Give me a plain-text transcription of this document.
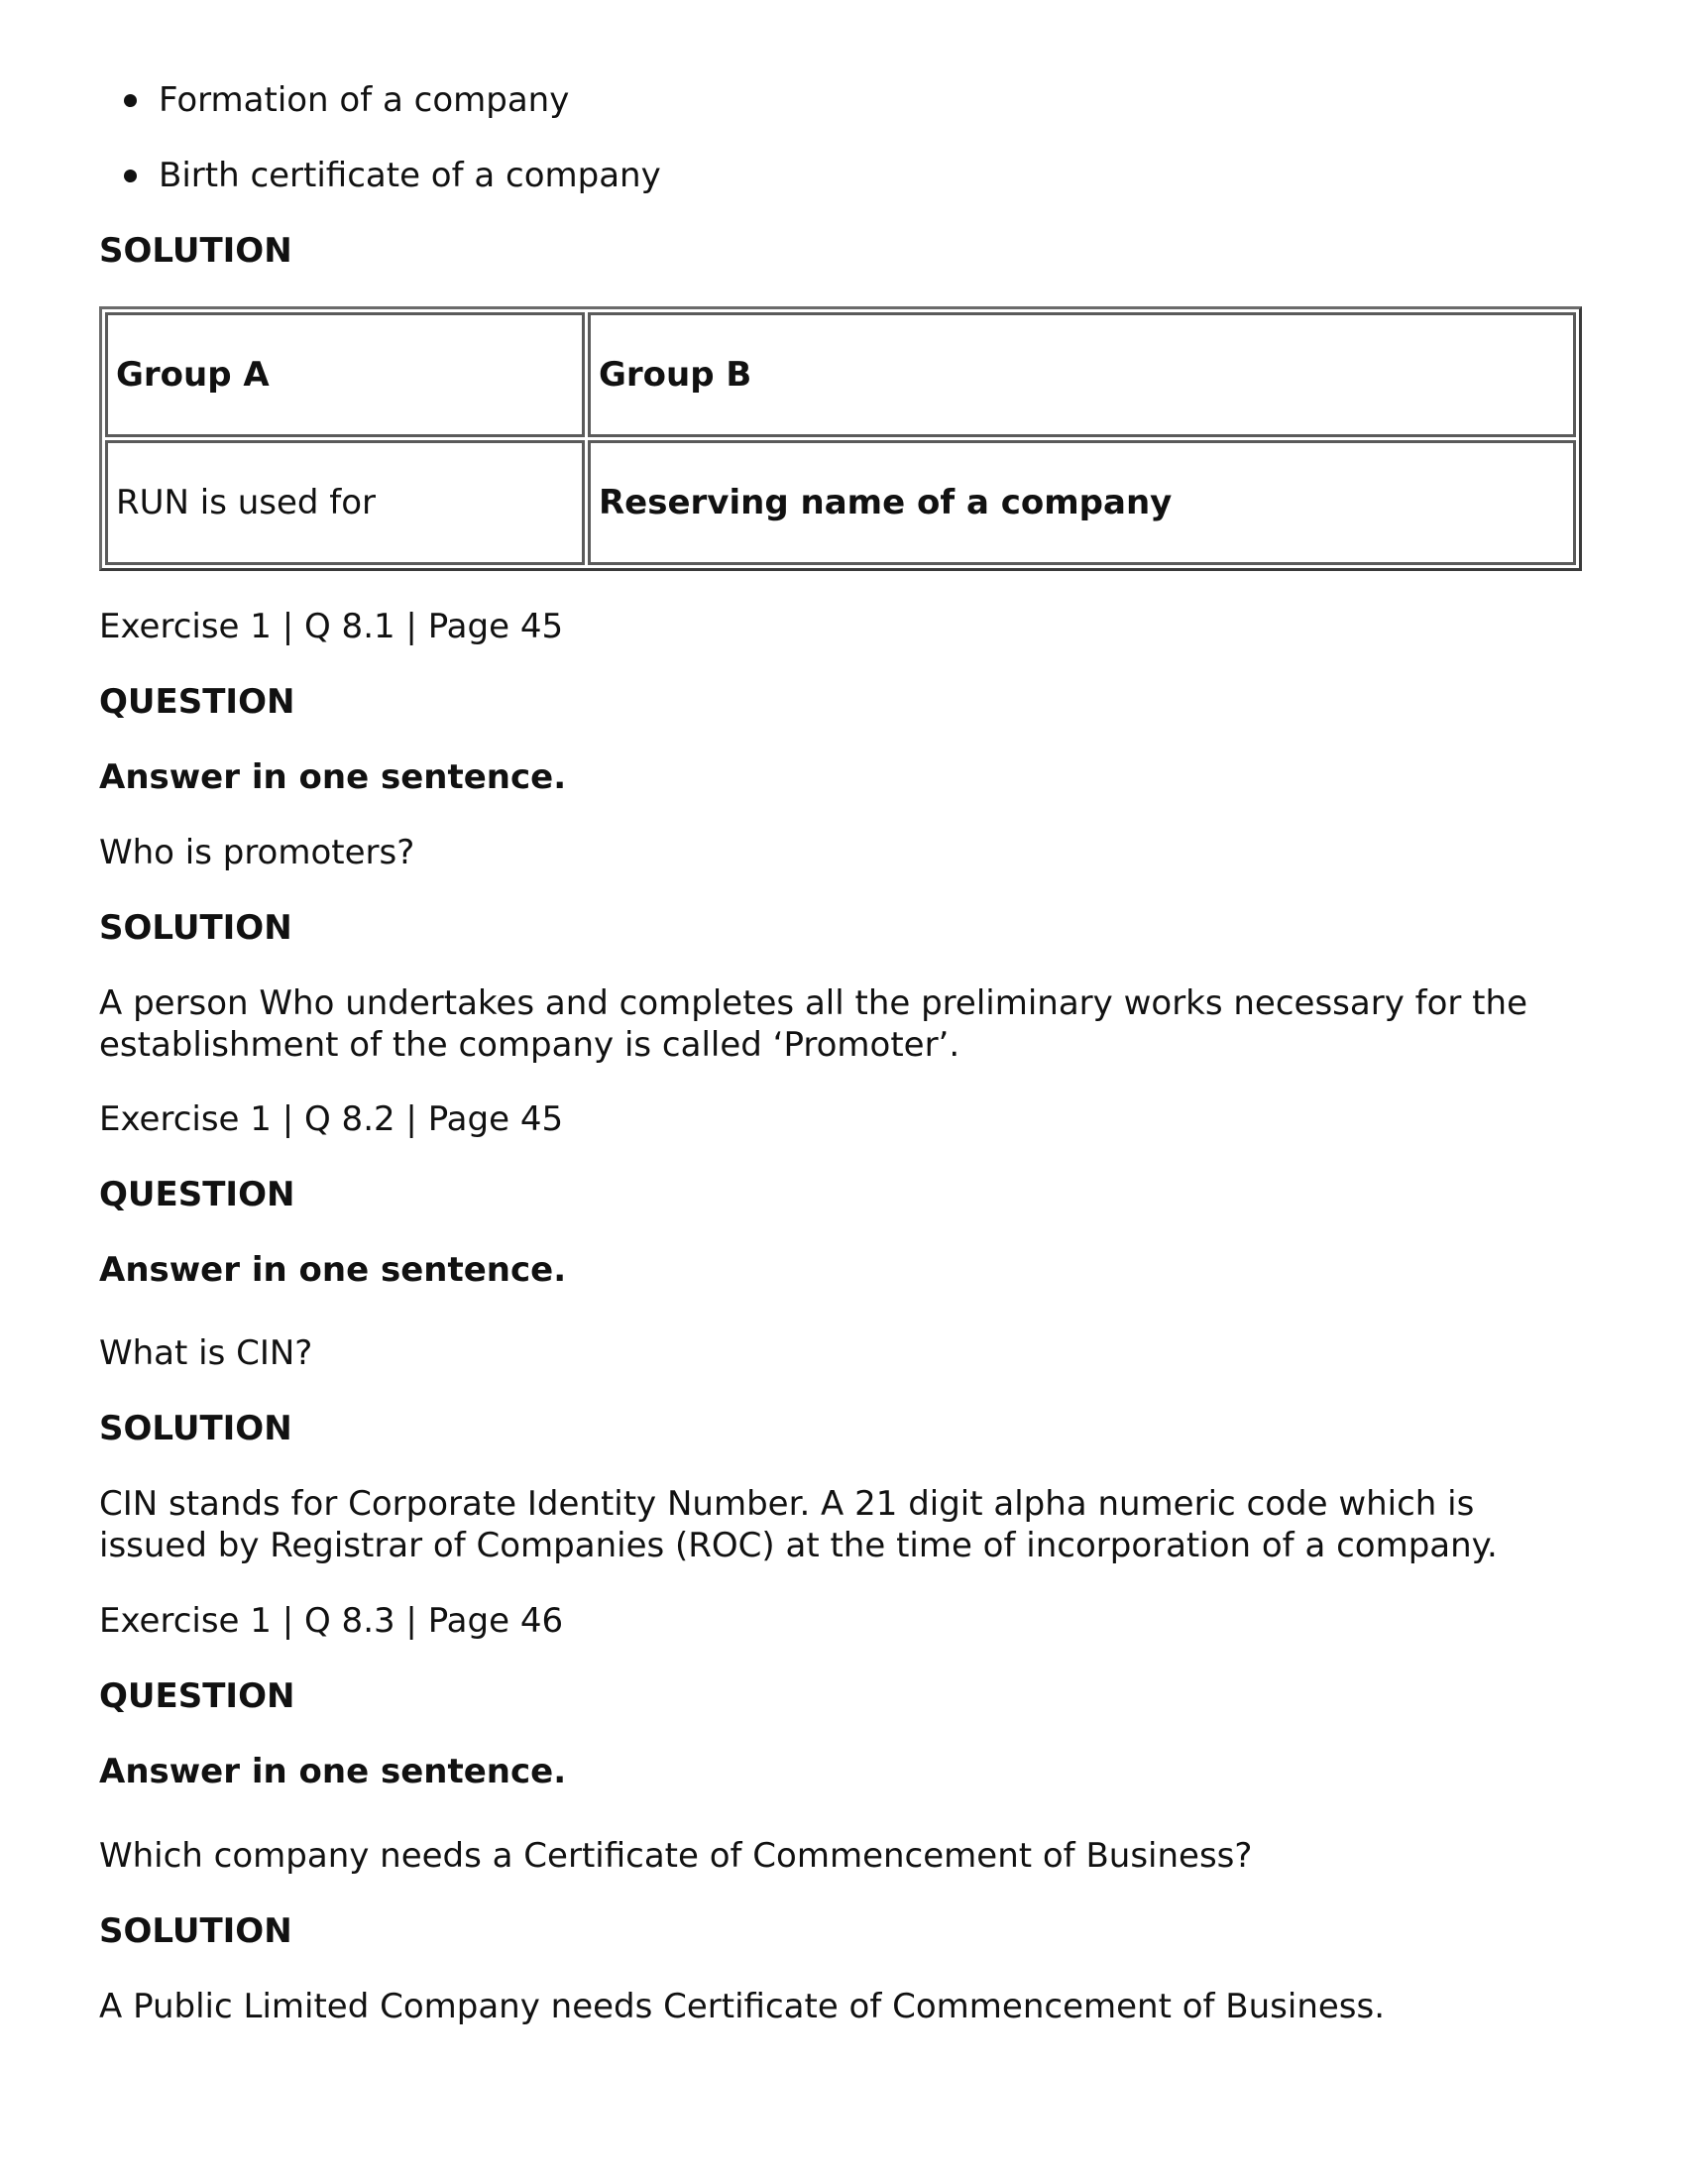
Formation of a company
Birth certificate of a company
SOLUTION
Group A	Group B
RUN is used for	Reserving name of a company
Exercise 1 | Q 8.1 | Page 45
QUESTION
Answer in one sentence.
Who is promoters?
SOLUTION

A person Who undertakes and completes all the preliminary works necessary for the establishment of the company is called ‘Promoter’.

Exercise 1 | Q 8.2 | Page 45
QUESTION
Answer in one sentence.
What is CIN?
SOLUTION

CIN stands for Corporate Identity Number. A 21 digit alpha numeric code which is issued by Registrar of Companies (ROC) at the time of incorporation of a company.

Exercise 1 | Q 8.3 | Page 46
QUESTION
Answer in one sentence.
Which company needs a Certificate of Commencement of Business?
SOLUTION
A Public Limited Company needs Certificate of Commencement of Business.
